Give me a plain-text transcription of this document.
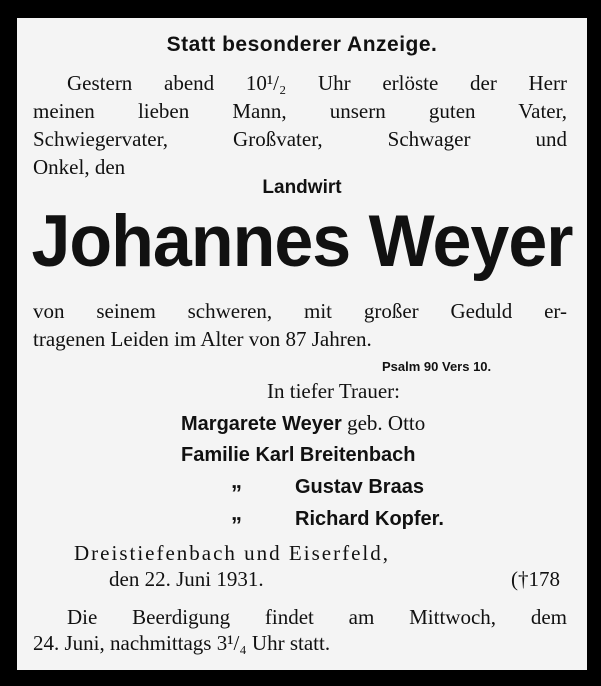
Statt besonderer Anzeige.
Gestern abend 10¹/₂ Uhr erlöste der Herr
meinen lieben Mann, unsern guten Vater,
Schwiegervater, Großvater, Schwager und
Onkel, den
Landwirt
Johannes Weyer
von seinem schweren, mit großer Geduld er-
tragenen Leiden im Alter von 87 Jahren.
Psalm 90 Vers 10.
In tiefer Trauer:
Margarete Weyer geb. Otto
Familie Karl Breitenbach
„	Gustav Braas
„	Richard Kopfer.
Dreistiefenbach und Eiserfeld,
den 22. Juni 1931.	(†178
Die Beerdigung findet am Mittwoch, dem
24. Juni, nachmittags 3¹/₄ Uhr statt.
